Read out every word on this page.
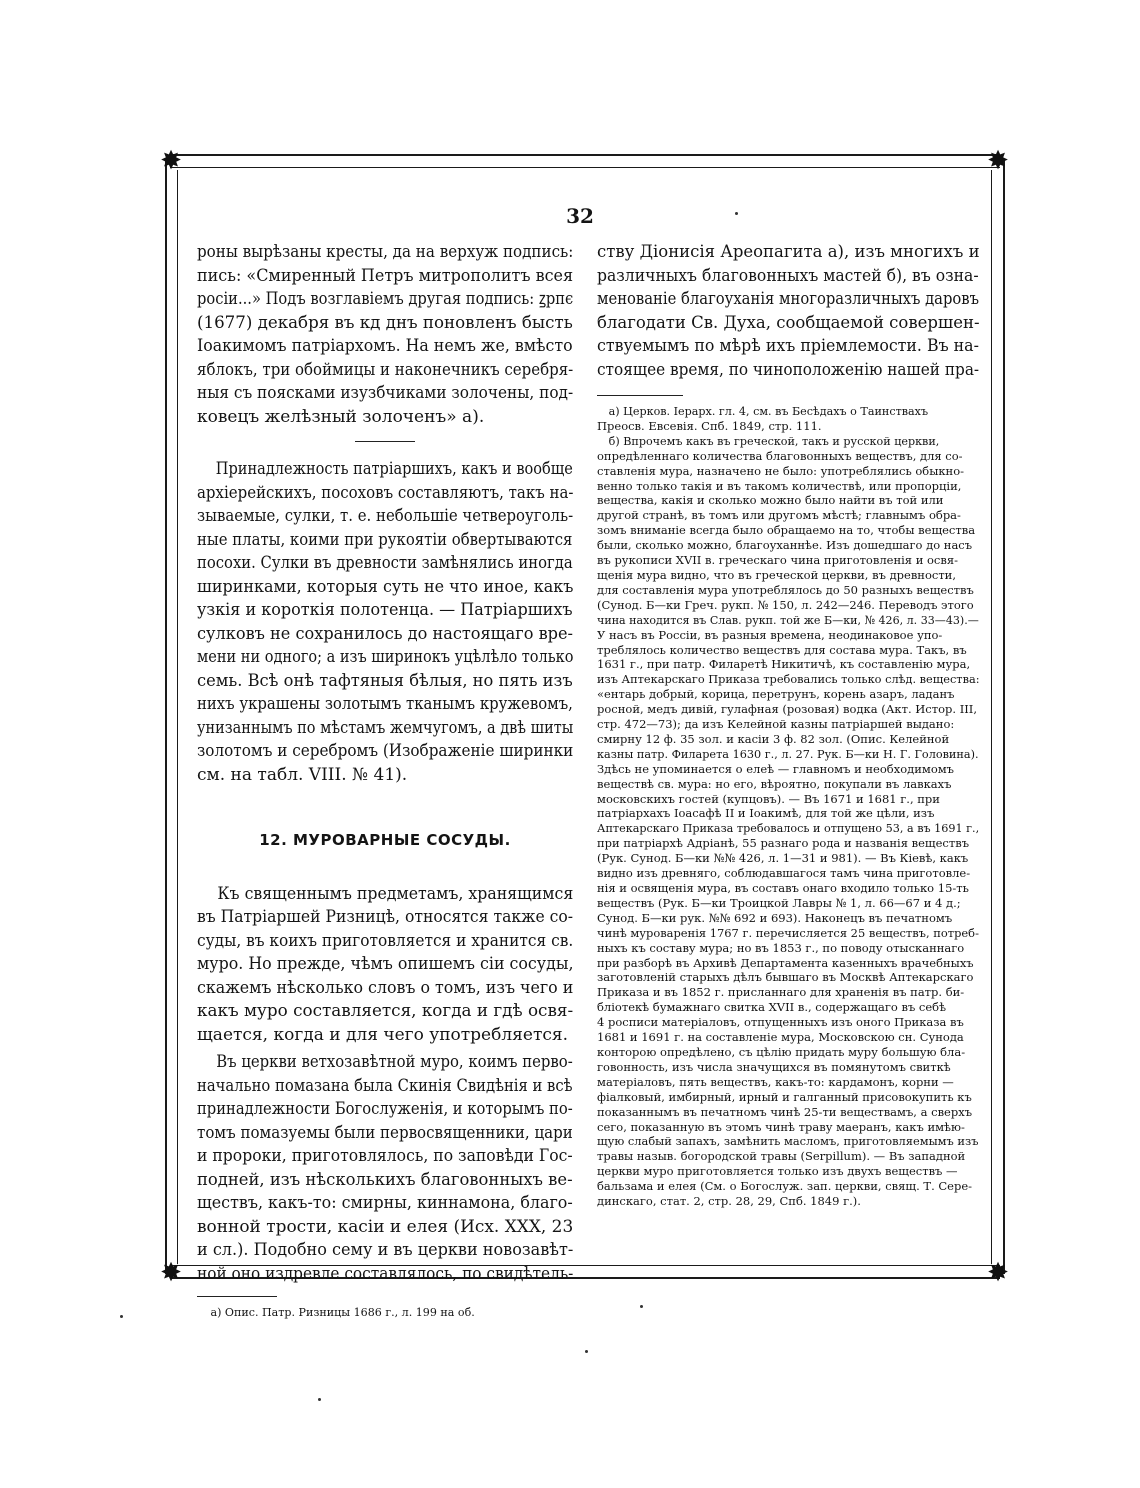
✸	✸
✸	✸
32
роны вырѣзаны кресты, да на верхуж подпись:
пись: «Смиренный Петръ митрополитъ всея
росіи...» Подъ возглавіемъ другая подпись: ꙁрпє
(1677) декабря въ кд днъ поновленъ бысть
Іоакимомъ патріархомъ. На немъ же, вмѣсто
яблокъ, три обоймицы и наконечникъ серебря-
ныя съ поясками изузбчиками золочены, под-
ковецъ желѣзный золоченъ» а).
Принадлежность патріаршихъ, какъ и вообще
архіерейскихъ, посоховъ составляютъ, такъ на-
зываемые, сулки, т. е. небольшіе четвероуголь-
ные платы, коими при рукоятіи обвертываются
посохи. Сулки въ древности замѣнялись иногда
ширинками, которыя суть не что иное, какъ
узкія и короткія полотенца. — Патріаршихъ
сулковъ не сохранилось до настоящаго вре-
мени ни одного; а изъ ширинокъ уцѣлѣло только
семь. Всѣ онѣ тафтяныя бѣлыя, но пять изъ
нихъ украшены золотымъ тканымъ кружевомъ,
унизаннымъ по мѣстамъ жемчугомъ, а двѣ шиты
золотомъ и серебромъ (Изображеніе ширинки
см. на табл. VIII. № 41).
12. МУРОВАРНЫЕ СОСУДЫ.
Къ священнымъ предметамъ, хранящимся
въ Патріаршей Ризницѣ, относятся также со-
суды, въ коихъ приготовляется и хранится св.
муро. Но прежде, чѣмъ опишемъ сіи сосуды,
скажемъ нѣсколько словъ о томъ, изъ чего и
какъ муро составляется, когда и гдѣ освя-
щается, когда и для чего употребляется.
Въ церкви ветхозавѣтной муро, коимъ перво-
начально помазана была Скинія Свидѣнія и всѣ
принадлежности Богослуженія, и которымъ по-
томъ помазуемы были первосвященники, цари
и пророки, приготовлялось, по заповѣди Гос-
подней, изъ нѣсколькихъ благовонныхъ ве-
ществъ, какъ-то: смирны, киннамона, благо-
вонной трости, касіи и елея (Исх. XXX, 23
и сл.). Подобно сему и въ церкви новозавѣт-
ной оно издревле составлялось, по свидѣтель-
а) Опис. Патр. Ризницы 1686 г., л. 199 на об.
ству Діонисія Ареопагита а), изъ многихъ и
различныхъ благовонныхъ мастей б), въ озна-
менованіе благоуханія многоразличныхъ даровъ
благодати Св. Духа, сообщаемой совершен-
ствуемымъ по мѣрѣ ихъ пріемлемости. Въ на-
стоящее время, по чиноположенію нашей пра-
а) Церков. Іерарх. гл. 4, см. въ Бесѣдахъ о Таинствахъ
Преосв. Евсевія. Спб. 1849, стр. 111.
б) Впрочемъ какъ въ греческой, такъ и русской церкви,
опредѣленнаго количества благовонныхъ веществъ, для со-
ставленія мура, назначено не было: употреблялись обыкно-
венно только такія и въ такомъ количествѣ, или пропорціи,
вещества, какія и сколько можно было найти въ той или
другой странѣ, въ томъ или другомъ мѣстѣ; главнымъ обра-
зомъ вниманіе всегда было обращаемо на то, чтобы вещества
были, сколько можно, благоуханнѣе. Изъ дошедшаго до насъ
въ рукописи XVII в. греческаго чина приготовленія и освя-
щенія мура видно, что въ греческой церкви, въ древности,
для составленія мура употреблялось до 50 разныхъ веществъ
(Сунод. Б—ки Греч. рукп. № 150, л. 242—246. Переводъ этого
чина находится въ Слав. рукп. той же Б—ки, № 426, л. 33—43).—
У насъ въ Россіи, въ разныя времена, неодинаковое упо-
треблялось количество веществъ для состава мура. Такъ, въ
1631 г., при патр. Филаретѣ Никитичѣ, къ составленію мура,
изъ Аптекарскаго Приказа требовались только слѣд. вещества:
«ентарь добрый, корица, перетрунъ, корень азаръ, ладанъ
росной, медъ дивій, гулафная (розовая) водка (Акт. Истор. III,
стр. 472—73); да изъ Келейной казны патріаршей выдано:
смирну 12 ф. 35 зол. и касіи 3 ф. 82 зол. (Опис. Келейной
казны патр. Филарета 1630 г., л. 27. Рук. Б—ки Н. Г. Головина).
Здѣсь не упоминается о елеѣ — главномъ и необходимомъ
веществѣ св. мура: но его, вѣроятно, покупали въ лавкахъ
московскихъ гостей (купцовъ). — Въ 1671 и 1681 г., при
патріархахъ Іоасафѣ II и Іоакимѣ, для той же цѣли, изъ
Аптекарскаго Приказа требовалось и отпущено 53, а въ 1691 г.,
при патріархѣ Адріанѣ, 55 разнаго рода и названія веществъ
(Рук. Сунод. Б—ки №№ 426, л. 1—31 и 981). — Въ Кіевѣ, какъ
видно изъ древняго, соблюдавшагося тамъ чина приготовле-
нія и освященія мура, въ составъ онаго входило только 15-ть
веществъ (Рук. Б—ки Троицкой Лавры № 1, л. 66—67 и 4 д.;
Сунод. Б—ки рук. №№ 692 и 693). Наконецъ въ печатномъ
чинѣ муроваренія 1767 г. перечисляется 25 веществъ, потреб-
ныхъ къ составу мура; но въ 1853 г., по поводу отысканнаго
при разборѣ въ Архивѣ Департамента казенныхъ врачебныхъ
заготовленій старыхъ дѣлъ бывшаго въ Москвѣ Аптекарскаго
Приказа и въ 1852 г. присланнаго для храненія въ патр. би-
бліотекѣ бумажнаго свитка XVII в., содержащаго въ себѣ
4 росписи матеріаловъ, отпущенныхъ изъ оного Приказа въ
1681 и 1691 г. на составленіе мура, Московскою сн. Сунода
конторою опредѣлено, съ цѣлію придать муру большую бла-
говонность, изъ числа значущихся въ помянутомъ свиткѣ
матеріаловъ, пять веществъ, какъ-то: кардамонъ, корни —
фіалковый, имбирный, ирный и галганный присовокупить къ
показаннымъ въ печатномъ чинѣ 25-ти веществамъ, а сверхъ
сего, показанную въ этомъ чинѣ траву маеранъ, какъ имѣю-
щую слабый запахъ, замѣнить масломъ, приготовляемымъ изъ
травы назыв. богородской травы (Serpillum). — Въ западной
церкви муро приготовляется только изъ двухъ веществъ —
бальзама и елея (См. о Богослуж. зап. церкви, свящ. Т. Сере-
динскаго, стат. 2, стр. 28, 29, Спб. 1849 г.).
